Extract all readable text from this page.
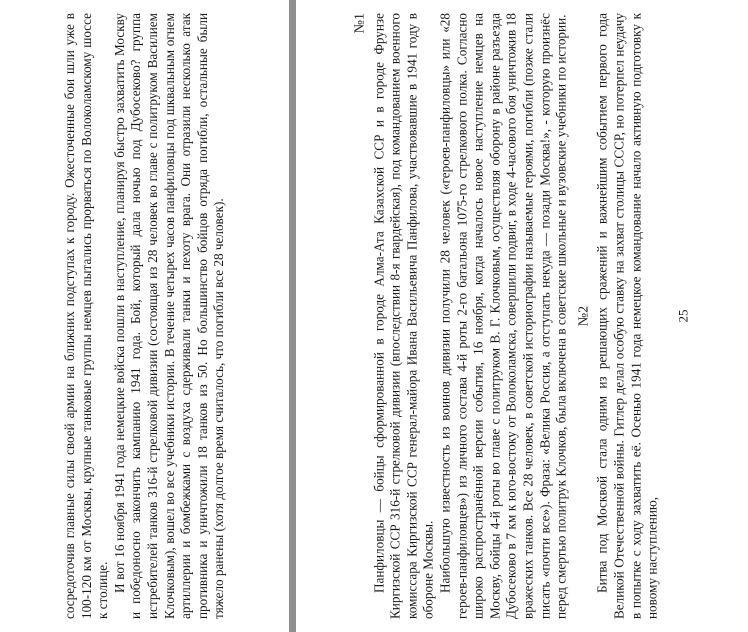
сосредоточив главные силы своей армии на ближних подступах к городу. Ожесточенные бои шли уже в 100-120 км от Москвы, крупные танковые группы немцев пытались прорваться по Волоколамскому шоссе к столице. И вот 16 ноября 1941 года немецкие войска пошли в наступление, планируя быстро захватить Москву и победоносно закончить кампанию 1941 года. Бой, который дала ночью под Дубосеково? группа истребителей танков 316-й стрелковой дивизии (состоящая из 28 человек во главе с политруком Василием Клочковым), вошел во все учебники истории. В течение четырех часов панфиловцы под шквальным огнем артиллерии и бомбежками с воздуха сдерживали танки и пехоту врага. Они отразили несколько атак противника и уничтожили 18 танков из 50. Но большинство бойцов отряда погибли, остальные были тяжело ранены (хотя долгое время считалось, что погибли все 28 человек).

№1 Панфиловцы — бойцы сформированной в городе Алма-Ата Казахской ССР и в городе Фрунзе Киргизской ССР 316-й стрелковой дивизии (впоследствии 8-я гвардейская), под командованием военного комиссара Киргизской ССР генерал-майора Ивана Васильевича Панфилова, участвовавшие в 1941 году в обороне Москвы. Наибольшую известность из воинов дивизии получили 28 человек («героев-панфиловцы» или «28 героев-панфиловцев») из личного состава 4-й роты 2-го батальона 1075-го стрелкового полка. Согласно широко распространённой версии события, 16 ноября, когда началось новое наступление немцев на Москву, бойцы 4-й роты во главе с политруком В. Г. Клочковым, осуществляя оборону в районе разъезда Дубосеково в 7 км к юго-востоку от Волоколамска, совершили подвиг, в ходе 4-часового боя уничтожив 18 вражеских танков. Все 28 человек, в советской историографии называемые героями, погибли (позже стали писать «почти все»). Фраза: «Велика Россия, а отступать некуда — позади Москва!», - которую произнёс перед смертью политрук Клочков, была включена в советские школьные и вузовские учебники по истории. №2 Битва под Москвой стала одним из решающих сражений и важнейшим событием первого года Великой Отечественной войны. Гитлер делал особую ставку на захват столицы СССР, но потерпел неудачу в попытке с ходу захватить её. Осенью 1941 года немецкое командование начало активную подготовку к новому наступлению,

25
